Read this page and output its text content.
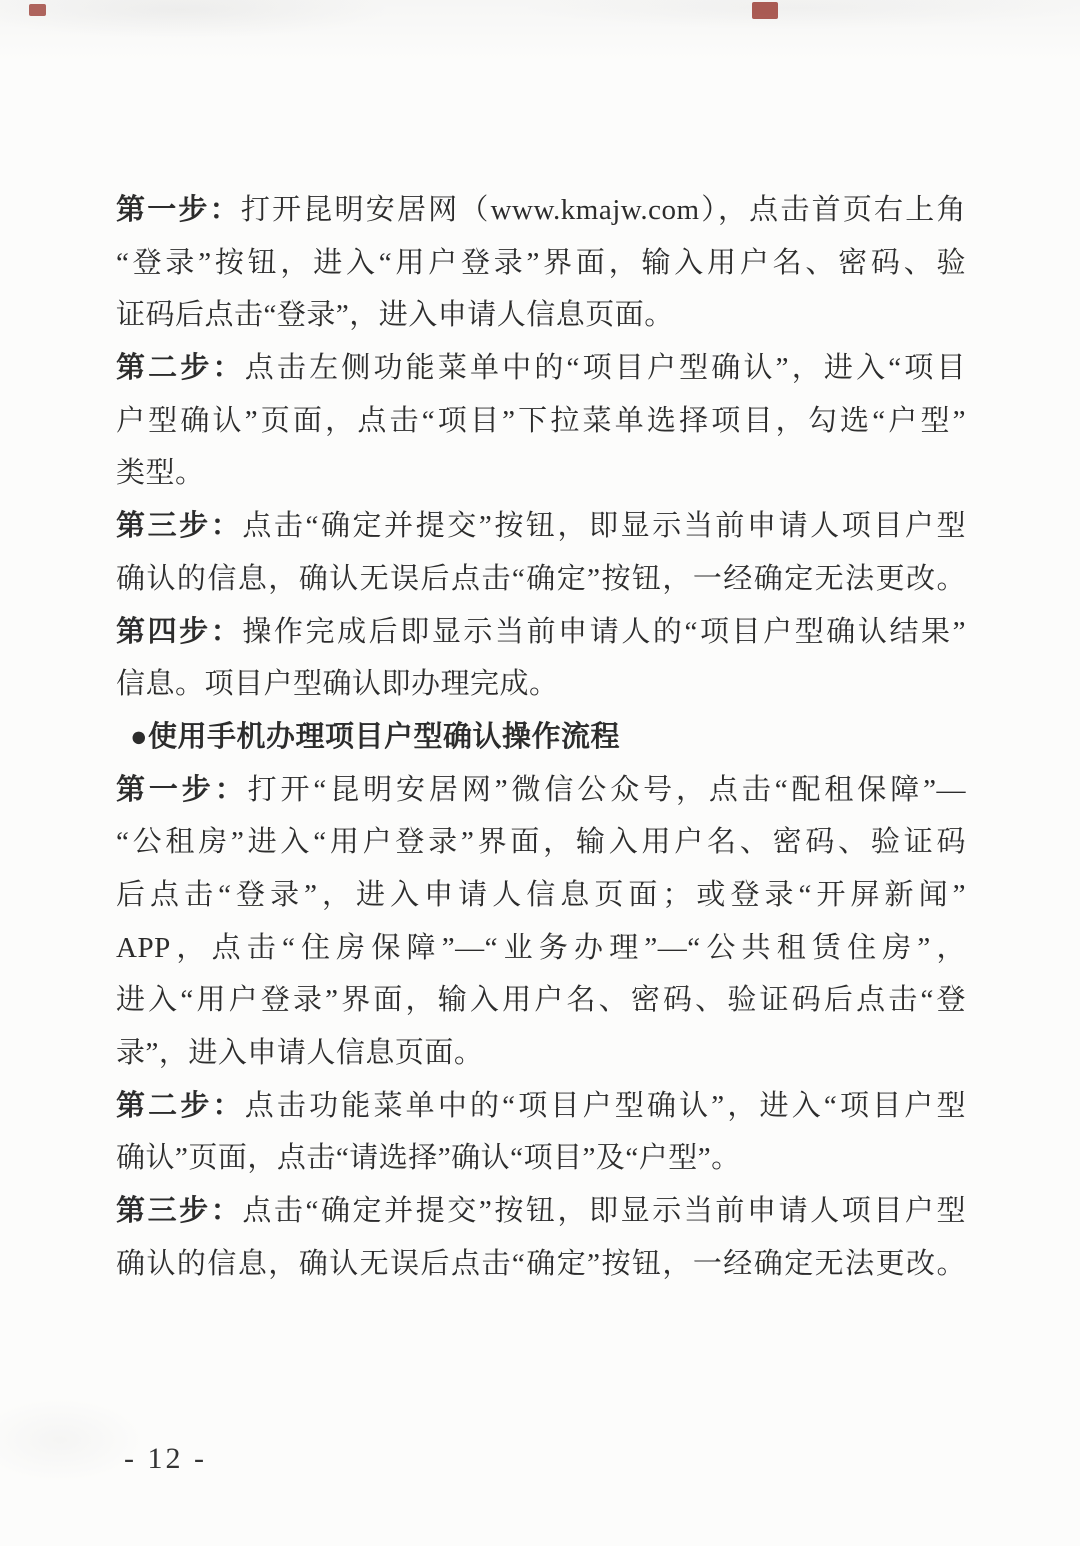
第一步：打开昆明安居网（www.kmajw.com），点击首页右上角
“登录”按钮，进入“用户登录”界面，输入用户名、密码、验
证码后点击“登录”，进入申请人信息页面。
第二步：点击左侧功能菜单中的“项目户型确认”，进入“项目
户型确认”页面，点击“项目”下拉菜单选择项目，勾选“户型”
类型。
第三步：点击“确定并提交”按钮，即显示当前申请人项目户型
确认的信息，确认无误后点击“确定”按钮，一经确定无法更改。
第四步：操作完成后即显示当前申请人的“项目户型确认结果”
信息。项目户型确认即办理完成。
●使用手机办理项目户型确认操作流程
第一步：打开“昆明安居网”微信公众号，点击“配租保障”—
“公租房”进入“用户登录”界面，输入用户名、密码、验证码
后点击“登录”，进入申请人信息页面；或登录“开屏新闻”
APP，点击“住房保障”—“业务办理”—“公共租赁住房”，
进入“用户登录”界面，输入用户名、密码、验证码后点击“登
录”，进入申请人信息页面。
第二步：点击功能菜单中的“项目户型确认”，进入“项目户型
确认”页面，点击“请选择”确认“项目”及“户型”。
第三步：点击“确定并提交”按钮，即显示当前申请人项目户型
确认的信息，确认无误后点击“确定”按钮，一经确定无法更改。
- 12 -
